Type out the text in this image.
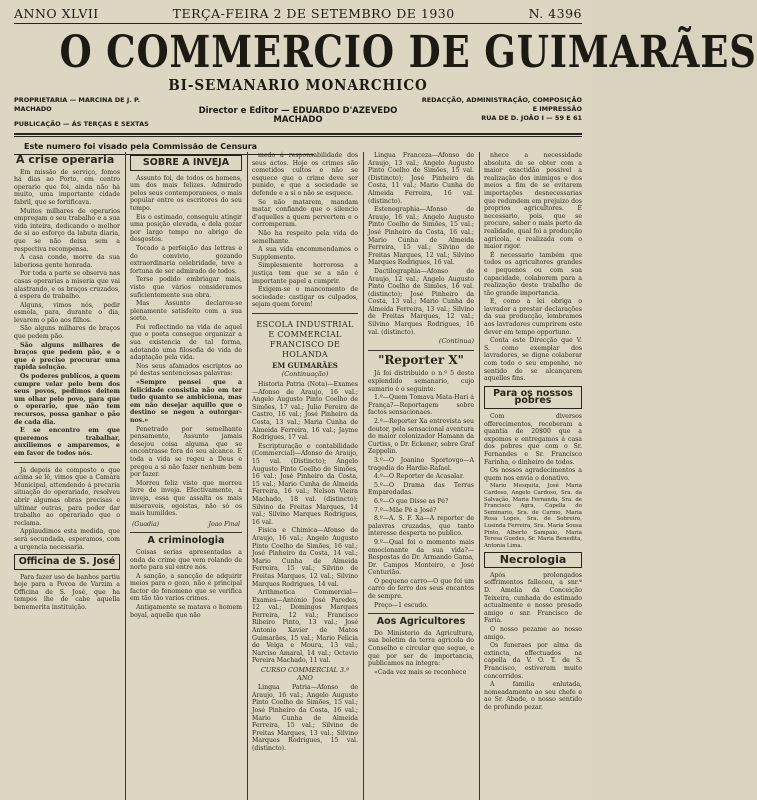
ANNO XLVII	TERÇA-FEIRA 2 DE SETEMBRO DE 1930	N. 4396
O COMMERCIO DE GUIMARÃES
BI-SEMANARIO MONARCHICO
PROPRIETARIA — MARCINA DE J. P. MACHADO
PUBLICAÇÃO — ÁS TERÇAS E SEXTAS
Director e Editor — EDUARDO D'AZEVEDO MACHADO
REDACÇÃO, ADMINISTRAÇÃO, COMPOSIÇÃO
E IMPRESSÃO
RUA DE D. JOÃO I — 59 E 61
Este numero foi visado pela Commissão de Censura
A crise operaria

Em missão de serviço, fomos há dias ao Porto, em centro operario que foi, ainda não há muito, uma importante cidade fabril, que se fortificava.

Muitos milhares de operarios empregam o seu trabalho e a sua vida inteira, dedicando o melhor de si ao esforço da labuta diaria, que se não deixa sem a respectiva recompensa.

A casa conde, morre da sua laboriosa gente honrada.

Por toda a parte se observa nas casas operarias a miseria que vai alastrando, e os braços cruzados, á espera de trabalho.

Alguns, vimos nós, pedir esmola, para, durante o dia, levarem o pão aos filhos.

São alguns milhares de braços que pedem pão.

São alguns milhares de braços que pedem pão, e o que é preciso procurar uma rapida solução.

Os poderes publicos, a quem cumpre velar pelo bem dos seus povos, pedimos deitem um olhar pelo povo, para que o operario, que não tem recursos, possa ganhar o pão de cada dia.

E se encontro em que queremos trabalhar, auxiliemos e amparemos, e em favor de todos nós.

Já depois de composto o que acima se lê, vimos que a Camara Municipal, attendendo á precaria situação do operariado, resolveu abrir algumas obras precisas e ultimar outras, para poder dar trabalho ao operariado que o reclama.

Applaudimos esta medida, que será secundada, esperamos, com a urgencia necessaria.

Officina de S. José

Para fazer uso de banhos partiu hoje para a Povoa de Varzim a Officina de S. José, que ha tempos lhe de cabe aquella benemerita instituição.

SOBRE A INVEJA

Assunto foi, de todos os homens, um dos mais felizes. Admirado pelos seus contemporaneos, o mais popular entre os escritores do seu tempo.

Eis o estimado, conseguiu atingir uma posição elevada, e dela gozar por largo tempo no abrigo de desgostos.

Tocado a perfeição das lettras e do convivio, gozando extraordinaria celebridade, teve a fortuna de ser admirado de todos.

Terse podido embriagar mais, visto que vários consideramos suficientemente sua obra.

Mas Assunto declarou-se plenamente satisfeito com a sua sorte.

Foi reflectindo na vida de aquel que o poeta consegue organizar a sua existencia de tal forma, adotando uma filosofia de vida de adaptação pela vida.

Nos seus afamados escriptos ao pé destas sentenciosas palavras:

«Sempre pensei que a felicidade consistia não em ter tudo quanto se ambiciona, mas em não desejar aquillo que o destino se negou a outorgar-nos.»

Penetrado por semelhante pensamento, Assunto jamais desejou coisa alguma que se encontrasse fora do seu alcance. E toda a vida se regeu a Deus e pregou a si não fazer nenhum bem por fazer.

Morreu feliz visto que morreu livre de inveja. Efectivamente, a inveja, essa que assalta os mais miseraveis, egoistas, não só os mais humildes.

(Guadia)	Joao Final
A criminologia

Coisas serias apresentadas a onda de crime que vem rolando de norte para sul entre nós.

A sanção, a sancção de adquirir meios para o gozo, não é principal factor do fenomeno que se verifica em tão tão varios crimes.

Antigamente se matava o homem boyal, aquelle que não

medo á responsabilidade dos seus actos. Hoje os crimes são cometidos cultos e não se esquece que o crime deve ser punido, e que a sociedade se defende e a si o não se esquece.

Se não matarem, mandam matar, confiando que o silencio d'aquelles a quem pervertem e o corromperam.

Não ha respeito pela vida do semelhante.

A sua vida encommendamos o Supplemento.

Simplesmente horrorosa a justiça tem que se a não é importante papel a cumprir.

Exigem-se o mancomento de sociedade: castigar os culpados, sejam quem forem!

ESCOLA INDUSTRIAL E COMMERCIAL FRANCISCO DE HOLANDA
EM GUIMARÃES
(Continuação)

Historia Patria (Nota)—Exames—Afonso de Araujo, 16 val.; Angelo Augusto Pinto Coelho de Simões, 17 val.; Julio Pereira de Castro, 16 val.; José Pinheiro da Costa, 13 val.; Maria Cunha de Almeida Ferreira, 16 val.; Jayme Rodrigues, 17 val.

Escripturação e contabilidade (Commercial)—Afonso de Araujo, 15 val. (Distincto); Angelo Augusto Pinto Coelho de Simões, 16 val.; José Pinheiro da Costa, 15 val.; Mario Cunha de Almeida Ferreira, 16 val.; Nelson Vieira Machado, 18 val. (distincto); Silvino de Freitas Marques, 14 val.; Silvino Marques Rodrigues, 16 val.

Fisica e Chimica—Afonso de Araujo, 16 val.; Angelo Augusto Pinto Coelho de Simões, 16 val.; José Pinheiro da Costa, 14 val.; Mario Cunha de Almeida Ferreira, 15 val.; Silvino de Freitas Marques, 12 val.; Silvino Marques Rodrigues, 14 val.

Arithmetica Commercial—Exames—António José Paredes, 12 val.; Domingos Marques Ferreira, 12 val.; Francisco Ribeiro Pinto, 13 val.; José Antonio Xavier de Matos Guimarães, 15 val.; Mario Felicia de Veiga e Moura, 13 val.; Narciso Amaral, 14 val.; Octavio Pereira Machado, 11 val.

CURSO COMMERCIAL 3.º ANO

Lingua Patria—Afonso de Araujo, 16 val.; Angelo Augusto Pinto Coelho de Simões, 15 val.; José Pinheiro da Costa, 16 val.; Mario Cunha de Almeida Ferreira, 15 val.; Silvino de Freitas Marques, 13 val.; Silvino Marques Rodrigues, 15 val. (distincto).

Lingua Franceza—Afonso de Araujo, 13 val.; Angelo Augusto Pinto Coelho de Simões, 15 val. (Distincto); José Pinheiro da Costa, 11 val.; Mario Cunha de Almeida Ferreira, 16 val. (distincto).

Estenographia—Afonso de Araujo, 16 val.; Angelo Augusto Pinto Coelho de Simões, 15 val.; José Pinheiro da Costa, 16 val.; Mario Cunha de Almeida Ferreira, 15 val.; Silvino de Freitas Marques, 12 val.; Silvino Marques Rodrigues, 16 val.

Dactilographia—Afonso de Araujo, 12 val.; Angelo Augusto Pinto Coelho de Simões, 16 val. (distincto); José Pinheiro da Costa, 13 val.; Mario Cunha de Almeida Ferreira, 13 val.; Silvino de Freitas Marques, 12 val.; Silvino Marques Rodrigues, 16 val. (distincto).

(Continua)
"Reporter X"

Já foi distribuido o n.º 5 deste explendido semanario, cujo sumario é o seguinte:

1.º—Quem Tomava Mata-Hari á França?—Reportagem sobre factos sensacionaes.

2.º—Reporter Xa entrevista seu doutor, pela sensacional aventura do maior colonizador Hamann da Curtiss, o Dr. Eckener, sobre Graf Zeppelin.

3.º—O Joanino Sportovgo—A tragedia do Hardie-Rafael.

4.º—O Reporter de Acasalar.

5.º—O Drama das Terras Emparedadas.

6.º—O que Disse as Pé?

7.º—Mãe Pé a José?

8.º—A. S. F. Xa—A reporter de palavras cruzadas, que tanto interesse desperta no publico.

9.º—Qual foi o momento mais emocionante da sua vida?—Respostas do Dr. Armando Gama, Dr. Campos Monteiro, e José Centurião.

O pequeno carro—O que foi um carro do ferro dos seus encantos de sempre.

Preço—1 escudo.

Aos Agricultores

Do Ministerio da Agricultura, sua boletim da terra agricola do Conselho e circular que segue, e que por ser de importancia, publicamos na integra:

«Cada vez mais se reconhece

nhece a necessidade absoluta de se obter com a maior exactidão possivel a realização dos inimigos e dos meios a fim de se evitarem importações desnecessarias que redundem em prejuizo dos proprios agricultores. É necessario, pois, que se procure, saber o mais perto da realidade, qual foi a producção agricola, e realizada com o maior rigor.

É necessario também que todos os agricultores grandes e pequenos ou com sua capacidade, colaborem para a realização deste trabalho de tão grande importancia.

E, como a lei obriga o lavrador a prestar declarações da sua producção, lembramos aos lavradores cumprirem este dever em tempo opportuno.

Conta este Direcção que V. S. como exemplar dos lavradores, se digne colaborar com todo o seu empenho, no sentido de se alcançarem aquelles fins.

Para os nossos pobres

Com diversos offerecimentos, receberam a quantia de 20$00 que a expomos e entregamos á casa dos pobres que com o Sr. Fernandes e Sr. Francisco Farinha, o dinheiro de todos.

Os nossos agradecimentos a quem nos envia o donativo.

Mario Mesquita, José Maria Cardoso, Angelo Cardoso, Sra. da Salvação, Maria Fernanda, Sra. de Francisco Agra, Capella do Seminario, Sra. de Carmo, Maria Rosa Lopes, Sra. de Sobreiro, Lusinda Ferreira, Sra. Maria Sousa Pinto, Alberto Sampaio, Maria Teresa Guedes, Sr. Maria Benedita, Antonia Lima.

Necrologia

Após prolongados soffrimentos falleceu, a snr.ª D. Amelia da Conceição Teixeira, cunhada do estimado actualmente e nosso presado amigo o snr. Francisco de Faria.

O nosso pezame ao nosso amigo.

Os funeraes por alma da extincta, effectuados na capella da V. O. T. de S. Francisco, estiveram muito concorridos.

A familia enlutada, nomeadamente ao seu chefe e ao Sr. Abade, o nosso sentido de profundo pezar.
